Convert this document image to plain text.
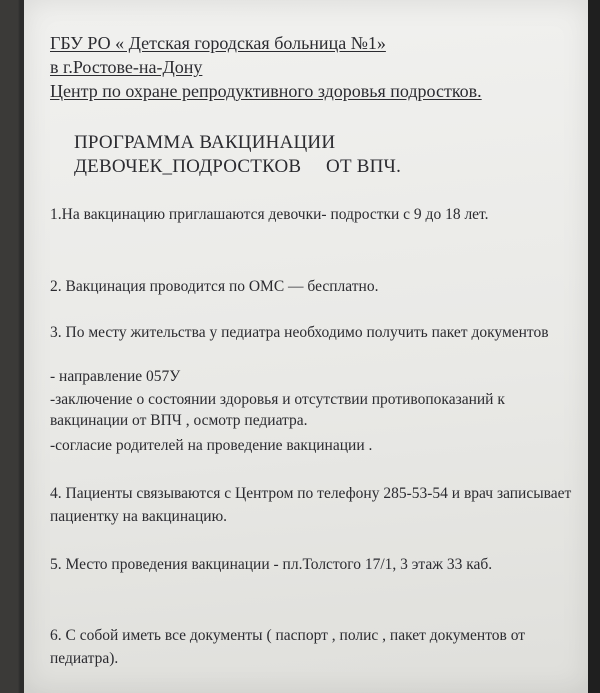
ГБУ РО « Детская городская больница №1»
в г.Ростове-на-Дону
Центр по охране репродуктивного здоровья подростков.
ПРОГРАММА ВАКЦИНАЦИИ
ДЕВОЧЕК_ПОДРОСТКОВ     ОТ ВПЧ.
1.На вакцинацию приглашаются девочки- подростки с 9 до 18 лет.
2. Вакцинация проводится по ОМС — бесплатно.
3. По месту жительства у педиатра необходимо получить пакет документов
- направление 057У
-заключение о состоянии здоровья и отсутствии противопоказаний к вакцинации от ВПЧ , осмотр педиатра.
-согласие родителей на проведение вакцинации .
4. Пациенты связываются с Центром по телефону 285-53-54 и врач записывает пациентку на вакцинацию.
5. Место проведения вакцинации - пл.Толстого 17/1, 3 этаж 33 каб.
6. С собой иметь все документы ( паспорт , полис , пакет документов от педиатра).
